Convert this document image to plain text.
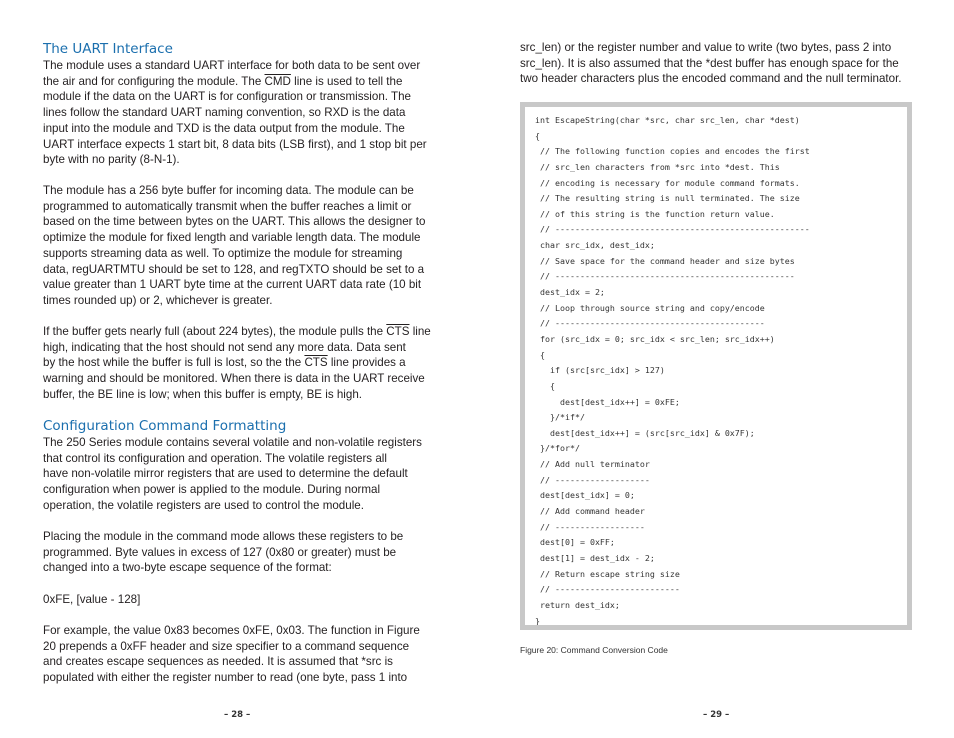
The UART Interface

The module uses a standard UART interface for both data to be sent over
the air and for configuring the module. The $\overline{CMD}$ line is used to tell the
module if the data on the UART is for configuration or transmission. The
lines follow the standard UART naming convention, so RXD is the data
input into the module and TXD is the data output from the module. The
UART interface expects 1 start bit, 8 data bits (LSB first), and 1 stop bit per
byte with no parity (8-N-1).

The module has a 256 byte buffer for incoming data. The module can be
programmed to automatically transmit when the buffer reaches a limit or
based on the time between bytes on the UART. This allows the designer to
optimize the module for fixed length and variable length data. The module
supports streaming data as well. To optimize the module for streaming
data, regUARTMTU should be set to 128, and regTXTO should be set to a
value greater than 1 UART byte time at the current UART data rate (10 bit
times rounded up) or 2, whichever is greater.

If the buffer gets nearly full (about 224 bytes), the module pulls the $\overline{CTS}$ line
high, indicating that the host should not send any more data. Data sent
by the host while the buffer is full is lost, so the the $\overline{CTS}$ line provides a
warning and should be monitored. When there is data in the UART receive
buffer, the BE line is low; when this buffer is empty, BE is high.

Configuration Command Formatting

The 250 Series module contains several volatile and non-volatile registers
that control its configuration and operation. The volatile registers all
have non-volatile mirror registers that are used to determine the default
configuration when power is applied to the module. During normal
operation, the volatile registers are used to control the module.

Placing the module in the command mode allows these registers to be
programmed. Byte values in excess of 127 (0x80 or greater) must be
changed into a two-byte escape sequence of the format:

0xFE, [value - 128]

For example, the value 0x83 becomes 0xFE, 0x03. The function in Figure
20 prepends a 0xFF header and size specifier to a command sequence
and creates escape sequences as needed. It is assumed that *src is
populated with either the register number to read (one byte, pass 1 into

– 28 –

src_len) or the register number and value to write (two bytes, pass 2 into
src_len). It is also assumed that the *dest buffer has enough space for the
two header characters plus the encoded command and the null terminator.

int EscapeString(char *src, char src_len, char *dest)
{
// The following function copies and encodes the first
// src_len characters from *src into *dest. This
// encoding is necessary for module command formats.
// The resulting string is null terminated. The size
// of this string is the function return value.
// ---------------------------------------------------
char src_idx, dest_idx;
// Save space for the command header and size bytes
// ------------------------------------------------
dest_idx = 2;
// Loop through source string and copy/encode
// ------------------------------------------
for (src_idx = 0; src_idx < src_len; src_idx++)
{
if (src[src_idx] > 127)
{
dest[dest_idx++] = 0xFE;
}/*if*/
dest[dest_idx++] = (src[src_idx] & 0x7F);
}/*for*/
// Add null terminator
// -------------------
dest[dest_idx] = 0;
// Add command header
// ------------------
dest[0] = 0xFF;
dest[1] = dest_idx - 2;
// Return escape string size
// -------------------------
return dest_idx;
}
Figure 20: Command Conversion Code
– 29 –
